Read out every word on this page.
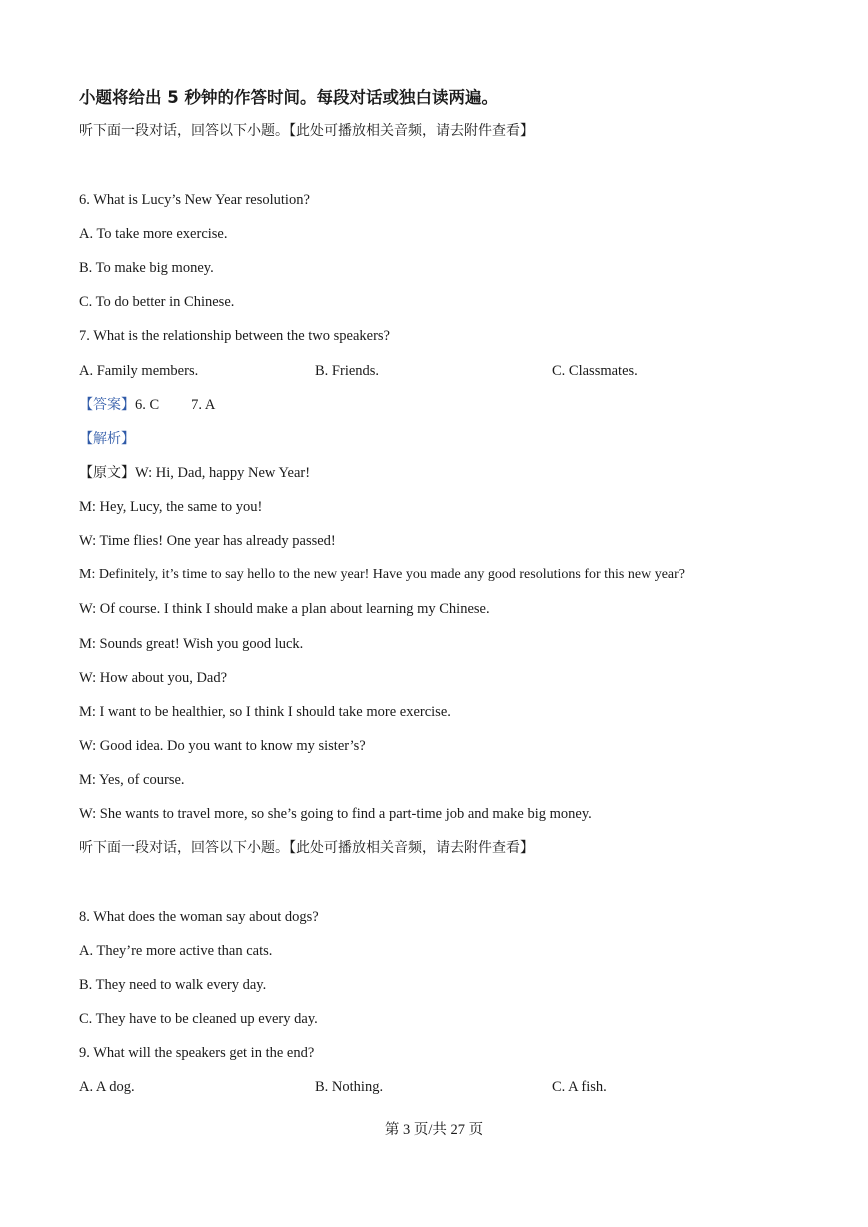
小题将给出 5 秒钟的作答时间。每段对话或独白读两遍。
听下面一段对话，回答以下小题。【此处可播放相关音频，请去附件查看】
6. What is Lucy’s New Year resolution?
A. To take more exercise.
B. To make big money.
C. To do better in Chinese.
7. What is the relationship between the two speakers?
A. Family members.	B. Friends.	C. Classmates.
【答案】6. C 7. A
【解析】
【原文】W: Hi, Dad, happy New Year!
M: Hey, Lucy, the same to you!
W: Time flies! One year has already passed!
M: Definitely, it’s time to say hello to the new year! Have you made any good resolutions for this new year?
W: Of course. I think I should make a plan about learning my Chinese.
M: Sounds great! Wish you good luck.
W: How about you, Dad?
M: I want to be healthier, so I think I should take more exercise.
W: Good idea. Do you want to know my sister’s?
M: Yes, of course.
W: She wants to travel more, so she’s going to find a part-time job and make big money.
听下面一段对话，回答以下小题。【此处可播放相关音频，请去附件查看】
8. What does the woman say about dogs?
A. They’re more active than cats.
B. They need to walk every day.
C. They have to be cleaned up every day.
9. What will the speakers get in the end?
A. A dog.	B. Nothing.	C. A fish.
第 3 页/共 27 页
